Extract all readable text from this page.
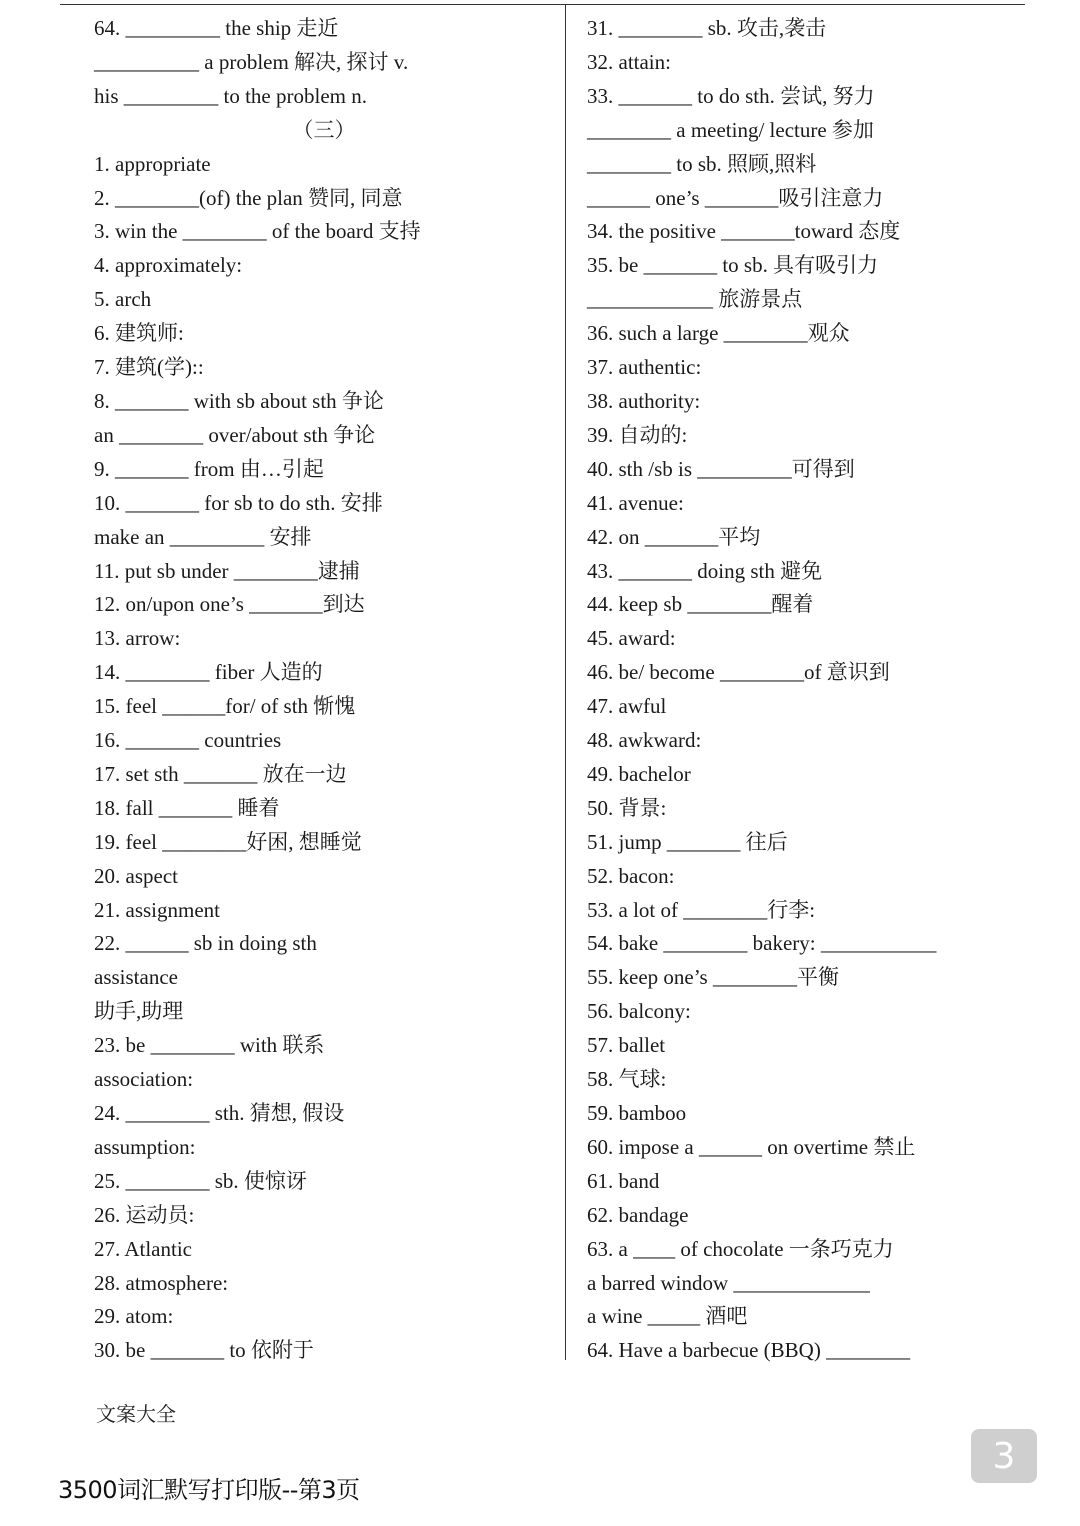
64. _________ the ship 走近
__________ a problem 解决, 探讨 v.
his _________ to the problem n.
（三）
1. appropriate
2. ________(of) the plan 赞同, 同意
3. win the ________ of the board 支持
4. approximately:
5. arch
6. 建筑师:
7. 建筑(学)::
8. _______ with sb about sth 争论
an ________ over/about sth 争论
9. _______ from 由…引起
10. _______ for sb to do sth. 安排
make an _________ 安排
11. put sb under ________逮捕
12. on/upon one’s _______到达
13. arrow:
14. ________ fiber 人造的
15. feel ______for/ of sth 惭愧
16. _______ countries
17. set sth _______ 放在一边
18. fall _______ 睡着
19. feel ________好困, 想睡觉
20. aspect
21. assignment
22. ______ sb in doing sth
assistance
助手,助理
23. be ________ with 联系
association:
24. ________ sth. 猜想, 假设
assumption:
25. ________ sb. 使惊讶
26. 运动员:
27. Atlantic
28. atmosphere:
29. atom:
30. be _______ to 依附于
31. ________ sb. 攻击,袭击
32. attain:
33. _______ to do sth. 尝试, 努力
________ a meeting/ lecture 参加
________ to sb. 照顾,照料
______ one’s _______吸引注意力
34. the positive _______toward 态度
35. be _______ to sb. 具有吸引力
____________ 旅游景点
36. such a large ________观众
37. authentic:
38. authority:
39. 自动的:
40. sth /sb is _________可得到
41. avenue:
42. on _______平均
43. _______ doing sth 避免
44. keep sb ________醒着
45. award:
46. be/ become ________of 意识到
47. awful
48. awkward:
49. bachelor
50. 背景:
51. jump _______ 往后
52. bacon:
53. a lot of ________行李:
54. bake ________ bakery: ___________
55. keep one’s ________平衡
56. balcony:
57. ballet
58. 气球:
59. bamboo
60. impose a ______ on overtime 禁止
61. band
62. bandage
63. a ____ of chocolate 一条巧克力
a barred window _____________
a wine _____ 酒吧
64. Have a barbecue (BBQ) ________
文案大全
3500词汇默写打印版--第3页
3
